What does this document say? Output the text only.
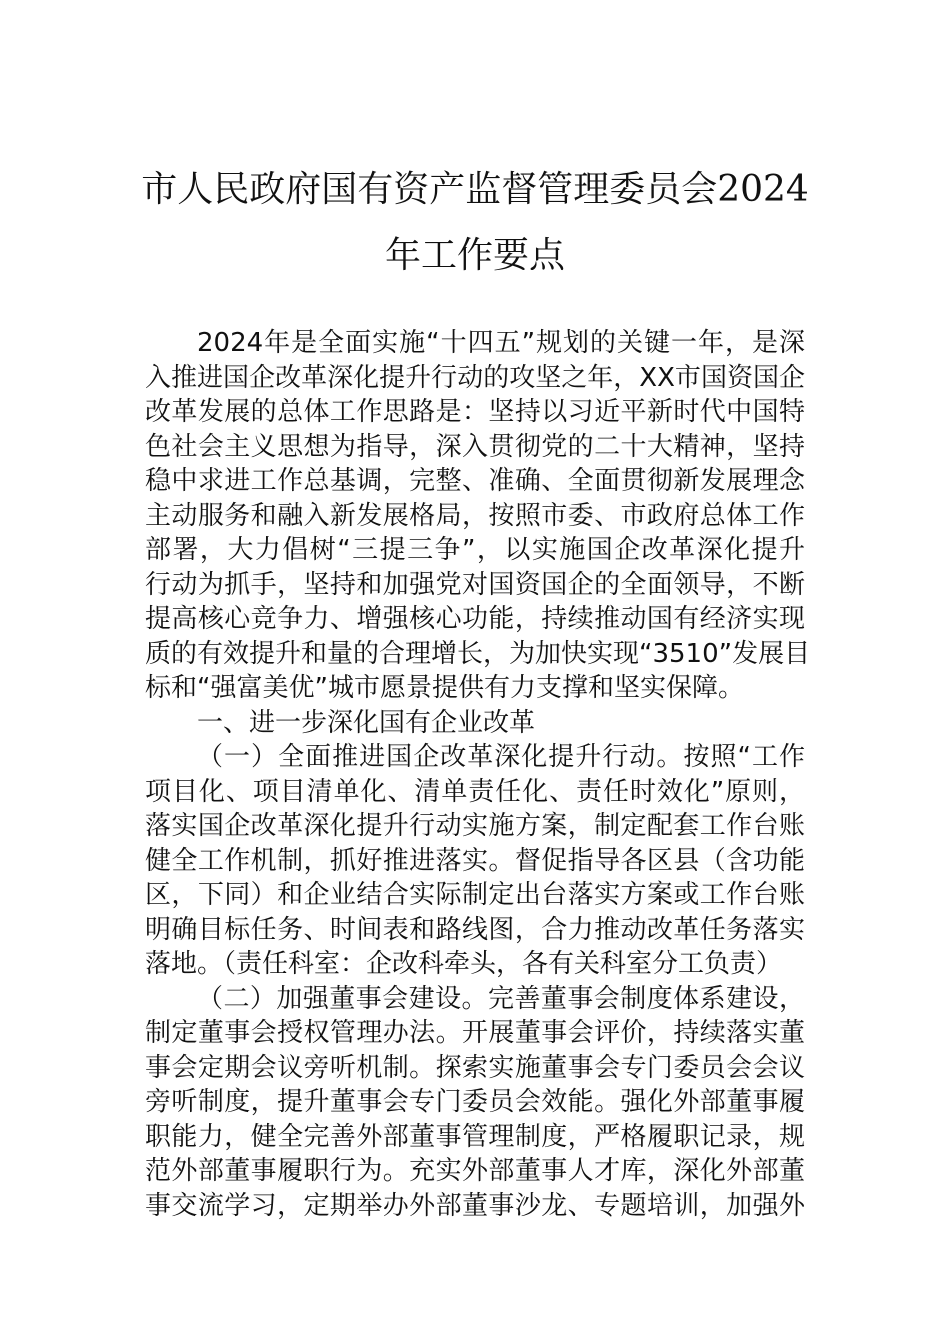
市人民政府国有资产监督管理委员会2024
年工作要点
2024年是全面实施“十四五”规划的关键一年，是深
入推进国企改革深化提升行动的攻坚之年，XX市国资国企
改革发展的总体工作思路是：坚持以习近平新时代中国特
色社会主义思想为指导，深入贯彻党的二十大精神，坚持
稳中求进工作总基调，完整、准确、全面贯彻新发展理念
主动服务和融入新发展格局，按照市委、市政府总体工作
部署，大力倡树“三提三争”，以实施国企改革深化提升
行动为抓手，坚持和加强党对国资国企的全面领导，不断
提高核心竞争力、增强核心功能，持续推动国有经济实现
质的有效提升和量的合理增长，为加快实现“3510”发展目
标和“强富美优”城市愿景提供有力支撑和坚实保障。
一、进一步深化国有企业改革
（一）全面推进国企改革深化提升行动。按照“工作
项目化、项目清单化、清单责任化、责任时效化”原则，
落实国企改革深化提升行动实施方案，制定配套工作台账
健全工作机制，抓好推进落实。督促指导各区县（含功能
区，下同）和企业结合实际制定出台落实方案或工作台账
明确目标任务、时间表和路线图，合力推动改革任务落实
落地。（责任科室：企改科牵头，各有关科室分工负责）
（二）加强董事会建设。完善董事会制度体系建设，
制定董事会授权管理办法。开展董事会评价，持续落实董
事会定期会议旁听机制。探索实施董事会专门委员会会议
旁听制度，提升董事会专门委员会效能。强化外部董事履
职能力，健全完善外部董事管理制度，严格履职记录，规
范外部董事履职行为。充实外部董事人才库，深化外部董
事交流学习，定期举办外部董事沙龙、专题培训，加强外
